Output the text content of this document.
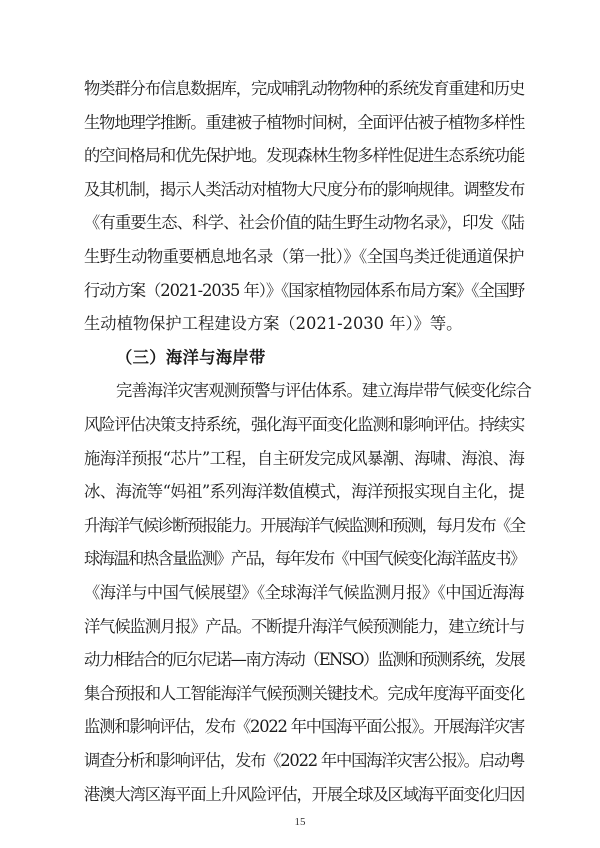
物类群分布信息数据库，完成哺乳动物物种的系统发育重建和历史
生物地理学推断。重建被子植物时间树，全面评估被子植物多样性
的空间格局和优先保护地。发现森林生物多样性促进生态系统功能
及其机制，揭示人类活动对植物大尺度分布的影响规律。调整发布
《有重要生态、科学、社会价值的陆生野生动物名录》，印发《陆
生野生动物重要栖息地名录（第一批）》《全国鸟类迁徙通道保护
行动方案（2021-2035 年）》《国家植物园体系布局方案》《全国野
生动植物保护工程建设方案（2021-2030 年）》等。
（三）海洋与海岸带
完善海洋灾害观测预警与评估体系。建立海岸带气候变化综合
风险评估决策支持系统，强化海平面变化监测和影响评估。持续实
施海洋预报“芯片”工程，自主研发完成风暴潮、海啸、海浪、海
冰、海流等“妈祖”系列海洋数值模式，海洋预报实现自主化，提
升海洋气候诊断预报能力。开展海洋气候监测和预测，每月发布《全
球海温和热含量监测》产品，每年发布《中国气候变化海洋蓝皮书》
《海洋与中国气候展望》《全球海洋气候监测月报》《中国近海海
洋气候监测月报》产品。不断提升海洋气候预测能力，建立统计与
动力相结合的厄尔尼诺—南方涛动（ENSO）监测和预测系统，发展
集合预报和人工智能海洋气候预测关键技术。完成年度海平面变化
监测和影响评估，发布《2022 年中国海平面公报》。开展海洋灾害
调查分析和影响评估，发布《2022 年中国海洋灾害公报》。启动粤
港澳大湾区海平面上升风险评估，开展全球及区域海平面变化归因
15
